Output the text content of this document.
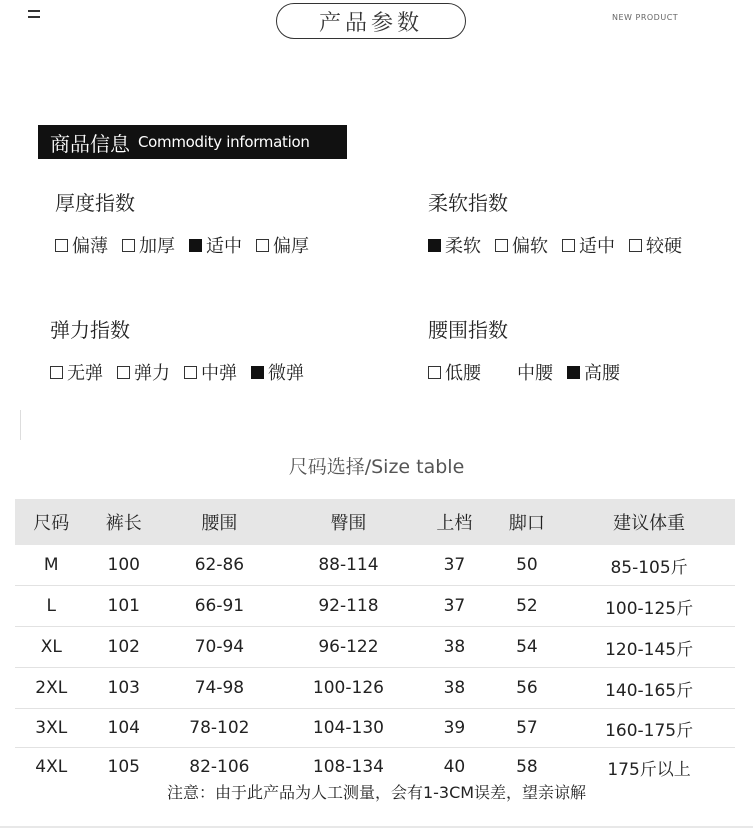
产品参数	NEW PRODUCT
商品信息 Commodity information
厚度指数
偏薄 加厚 适中 偏厚
柔软指数
柔软 偏软 适中 较硬
弹力指数
无弹 弹力 中弹 微弹
腰围指数
低腰 中腰 高腰
尺码选择/Size table
尺码	裤长	腰围	臀围	上档	脚口	建议体重
M	100	62-86	88-114	37	50	85-105斤
L	101	66-91	92-118	37	52	100-125斤
XL	102	70-94	96-122	38	54	120-145斤
2XL	103	74-98	100-126	38	56	140-165斤
3XL	104	78-102	104-130	39	57	160-175斤
4XL	105	82-106	108-134	40	58	175斤以上
注意：由于此产品为人工测量，会有1-3CM误差，望亲谅解
